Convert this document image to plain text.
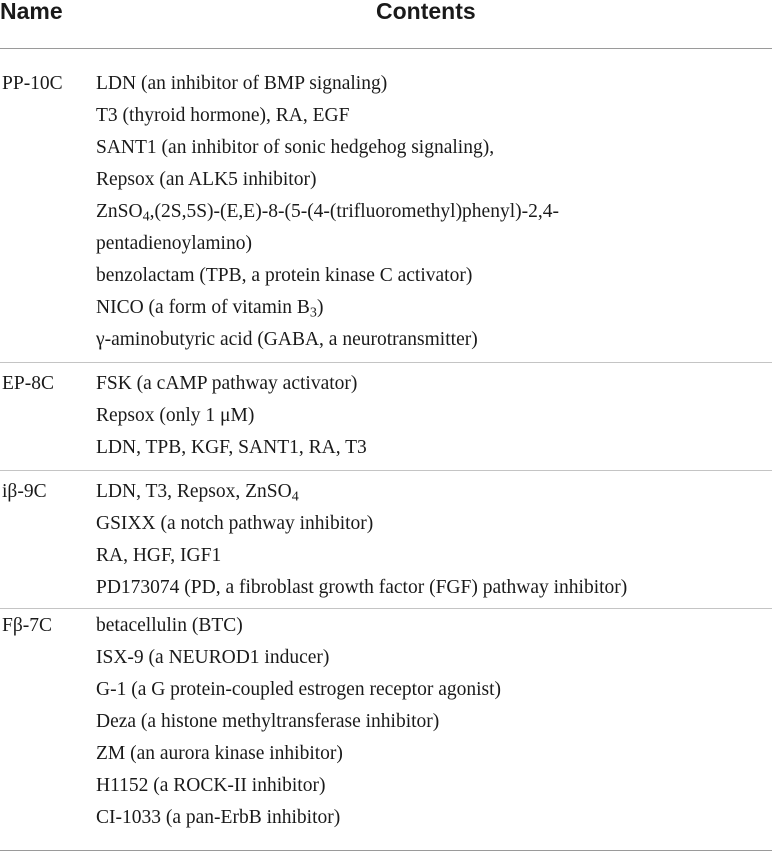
Name	Contents
PP-10C LDN (an inhibitor of BMP signaling)
T3 (thyroid hormone), RA, EGF
SANT1 (an inhibitor of sonic hedgehog signaling),
Repsox (an ALK5 inhibitor)
ZnSO$_4$,(2S,5S)-(E,E)-8-(5-(4-(trifluoromethyl)phenyl)-2,4-
pentadienoylamino)
benzolactam (TPB, a protein kinase C activator)
NICO (a form of vitamin $B_3$)
γ-aminobutyric acid (GABA, a neurotransmitter)
EP-8C FSK (a cAMP pathway activator)
Repsox (only 1 μM)
LDN, TPB, KGF, SANT1, RA, T3
iβ-9C	LDN, T3, Repsox, ZnSO$_4$
GSIXX (a notch pathway inhibitor)
RA, HGF, IGF1
PD173074 (PD, a fibroblast growth factor (FGF) pathway inhibitor)
Fβ-7C betacellulin (BTC)
ISX-9 (a NEUROD1 inducer)
G-1 (a G protein-coupled estrogen receptor agonist)
Deza (a histone methyltransferase inhibitor)
ZM (an aurora kinase inhibitor)
H1152 (a ROCK-II inhibitor)
CI-1033 (a pan-ErbB inhibitor)
